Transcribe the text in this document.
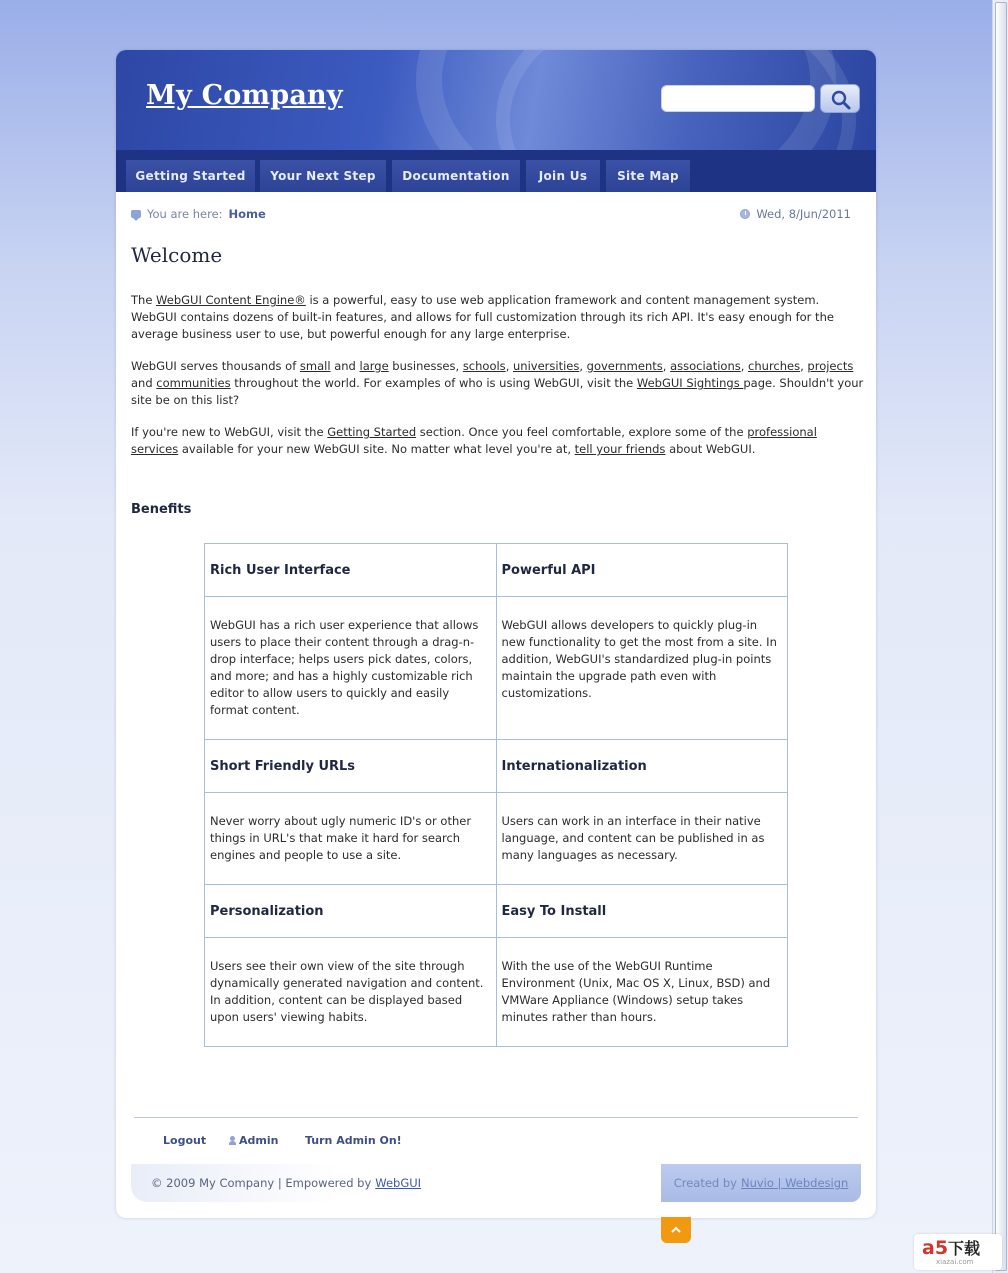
My Company
Getting Started	Your Next Step	Documentation	Join Us	Site Map
You are here: Home	Wed, 8/Jun/2011
Welcome

The WebGUI Content Engine® is a powerful, easy to use web application framework and content management system. WebGUI contains dozens of built-in features, and allows for full customization through its rich API. It's easy enough for the average business user to use, but powerful enough for any large enterprise.

WebGUI serves thousands of small and large businesses, schools, universities, governments, associations, churches, projects and communities throughout the world. For examples of who is using WebGUI, visit the WebGUI Sightings page. Shouldn't your site be on this list?

If you're new to WebGUI, visit the Getting Started section. Once you feel comfortable, explore some of the professional services available for your new WebGUI site. No matter what level you're at, tell your friends about WebGUI.

Benefits
Rich User Interface	Powerful API
WebGUI has a rich user experience that allows users to place their content through a drag-n-drop interface; helps users pick dates, colors, and more; and has a highly customizable rich editor to allow users to quickly and easily format content.	WebGUI allows developers to quickly plug-in new functionality to get the most from a site. In addition, WebGUI's standardized plug-in points maintain the upgrade path even with customizations.
Short Friendly URLs	Internationalization
Never worry about ugly numeric ID's or other things in URL's that make it hard for search engines and people to use a site.	Users can work in an interface in their native language, and content can be published in as many languages as necessary.
Personalization	Easy To Install
Users see their own view of the site through dynamically generated navigation and content. In addition, content can be displayed based upon users' viewing habits.	With the use of the WebGUI Runtime Environment (Unix, Mac OS X, Linux, BSD) and VMWare Appliance (Windows) setup takes minutes rather than hours.
Logout	Admin Turn Admin On!
© 2009 My Company | Empowered by WebGUI	Created by Nuvio | Webdesign
a5下载
xiazai.com
